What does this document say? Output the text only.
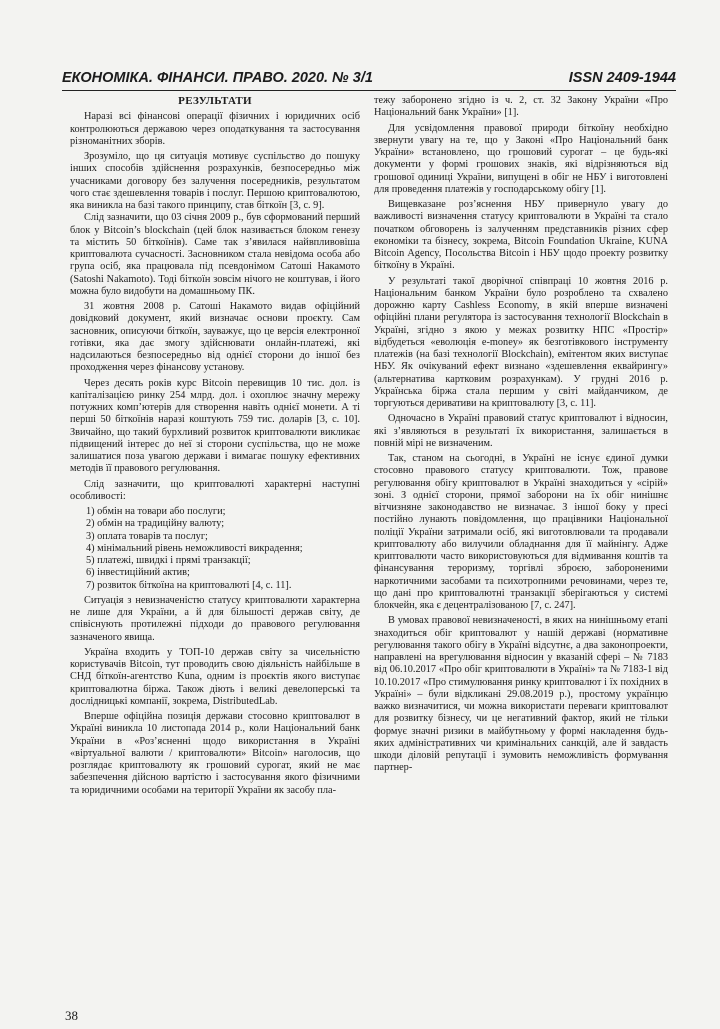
ЕКОНОМІКА. ФІНАНСИ. ПРАВО. 2020. № 3/1	ISSN 2409-1944
РЕЗУЛЬТАТИ

Наразі всі фінансові операції фізичних і юридичних осіб контролюються державою через оподаткування та застосування різноманітних зборів.

Зрозуміло, що ця ситуація мотивує суспільство до пошуку інших способів здійснення розрахунків, безпосередньо між учасниками договору без залучення посередників, результатом чого стає здешевлення товарів і послуг. Першою криптовалютою, яка виникла на базі такого принципу, став біткоїн [3, с. 9].

Слід зазначити, що 03 січня 2009 р., був сформований перший блок у Bitcoin’s blockchain (цей блок називається блоком генезу та містить 50 біткоїнів). Саме так з’явилася найвпливовіша криптовалюта сучасності. Засновником стала невідома особа або група осіб, яка працювала під псевдонімом Сатоші Накамото (Satoshi Nakamoto). Тоді біткоїн зовсім нічого не коштував, і його можна було видобути на домашньому ПК.

31 жовтня 2008 р. Сатоші Накамото видав офіційний довідковий документ, який визначає основи проєкту. Сам засновник, описуючи біткоїн, зауважує, що це версія електронної готівки, яка дає змогу здійснювати онлайн-платежі, які надсилаються безпосередньо від однієї сторони до іншої без проходження через фінансову установу.

Через десять років курс Bitcoin перевищив 10 тис. дол. із капіталізацією ринку 254 млрд. дол. і охоплює значну мережу потужних комп’ютерів для створення навіть однієї монети. А ті перші 50 біткоїнів наразі коштують 759 тис. доларів [3, с. 10]. Звичайно, що такий бурхливий розвиток криптовалюти викликає підвищений інтерес до неї зі сторони суспільства, що не може залишатися поза увагою держави і вимагає пошуку ефективних методів її правового регулювання.

Слід зазначити, що криптовалюті характерні наступні особливості:

1) обмін на товари або послуги;

2) обмін на традиційну валюту;

3) оплата товарів та послуг;

4) мінімальний рівень неможливості викрадення;

5) платежі, швидкі і прямі транзакції;

6) інвестиційний актив;

7) розвиток біткоїна на криптовалюті [4, с. 11].

Ситуація з невизначеністю статусу криптовалюти характерна не лише для України, а й для більшості держав світу, де співіснують протилежні підходи до правового регулювання зазначеного явища.

Україна входить у ТОП-10 держав світу за чисельністю користувачів Bitcoin, тут проводить свою діяльність найбільше в СНД біткоїн-агентство Kuna, одним із проєктів якого виступає криптовалютна біржа. Також діють і великі девелоперські та дослідницькі компанії, зокрема, DistributedLab.

Вперше офіційна позиція держави стосовно криптовалют в Україні виникла 10 листопада 2014 р., коли Національний банк України в «Роз’ясненні щодо використання в Україні «віртуальної валюти / криптовалюти» Bitcoin» наголосив, що розглядає криптовалюту як грошовий сурогат, який не має забезпечення дійсною вартістю і застосування якого фізичними та юридичними особами на території України як засобу пла-

тежу заборонено згідно із ч. 2, ст. 32 Закону України «Про Національний банк України» [1].

Для усвідомлення правової природи біткоїну необхідно звернути увагу на те, що у Законі «Про Національний банк України» встановлено, що грошовий сурогат – це будь-які документи у формі грошових знаків, які відрізняються від грошової одиниці України, випущені в обіг не НБУ і виготовлені для проведення платежів у господарському обігу [1].

Вищевказане роз’яснення НБУ привернуло увагу до важливості визначення статусу криптовалюти в Україні та стало початком обговорень із залученням представників різних сфер економіки та бізнесу, зокрема, Bitcoin Foundation Ukraine, KUNA Bitcoin Agency, Посольства Bitcoin і НБУ щодо проекту розвитку біткоїну в Україні.

У результаті такої дворічної співпраці 10 жовтня 2016 р. Національним банком України було розроблено та схвалено дорожню карту Cashless Economy, в якій вперше визначені офіційні плани регулятора із застосування технології Blockchain в Україні, згідно з якою у межах розвитку НПС «Простір» відбудеться «еволюція e-money» як безготівкового інструменту платежів (на базі технології Blockchain), емітентом яких виступає НБУ. Як очікуваний ефект визнано «здешевлення еквайрингу» (альтернатива картковим розрахункам). У грудні 2016 р. Українська біржа стала першим у світі майданчиком, де торгуються деривативи на криптовалюту [3, с. 11].

Одночасно в Україні правовий статус криптовалют і відносин, які з’являються в результаті їх використання, залишається в повній мірі не визначеним.

Так, станом на сьогодні, в Україні не існує єдиної думки стосовно правового статусу криптовалюти. Тож, правове регулювання обігу криптовалют в Україні знаходиться у «сірій» зоні. З однієї сторони, прямої заборони на їх обіг нинішнє вітчизняне законодавство не визначає. З іншої боку у пресі постійно лунають повідомлення, що працівники Національної поліції України затримали осіб, які виготовлювали та продавали криптовалюту або вилучили обладнання для її майнінгу. Адже криптовалюти часто використовуються для відмивання коштів та фінансування тероризму, торгівлі зброєю, забороненими наркотичними засобами та психотропними речовинами, через те, що дані про криптовалютні транзакції зберігаються у системі блокчейн, яка є децентралізованою [7, с. 247].

В умовах правової невизначеності, в яких на нинішньому етапі знаходиться обіг криптовалют у нашій державі (нормативне регулювання такого обігу в Україні відсутнє, а два законопроекти, направлені на врегулювання відносин у вказаній сфері – № 7183 від 06.10.2017 «Про обіг криптовалюти в Україні» та № 7183-1 від 10.10.2017 «Про стимулювання ринку криптовалют і їх похідних в Україні» – були відкликані 29.08.2019 р.), простому українцю важко визначитися, чи можна використати переваги криптовалют для розвитку бізнесу, чи це негативний фактор, який не тільки формує значні ризики в майбутньому у формі накладення будь-яких адміністративних чи кримінальних санкцій, але й завдасть шкоди діловій репутації і зумовить неможливість формування партнер-

38
